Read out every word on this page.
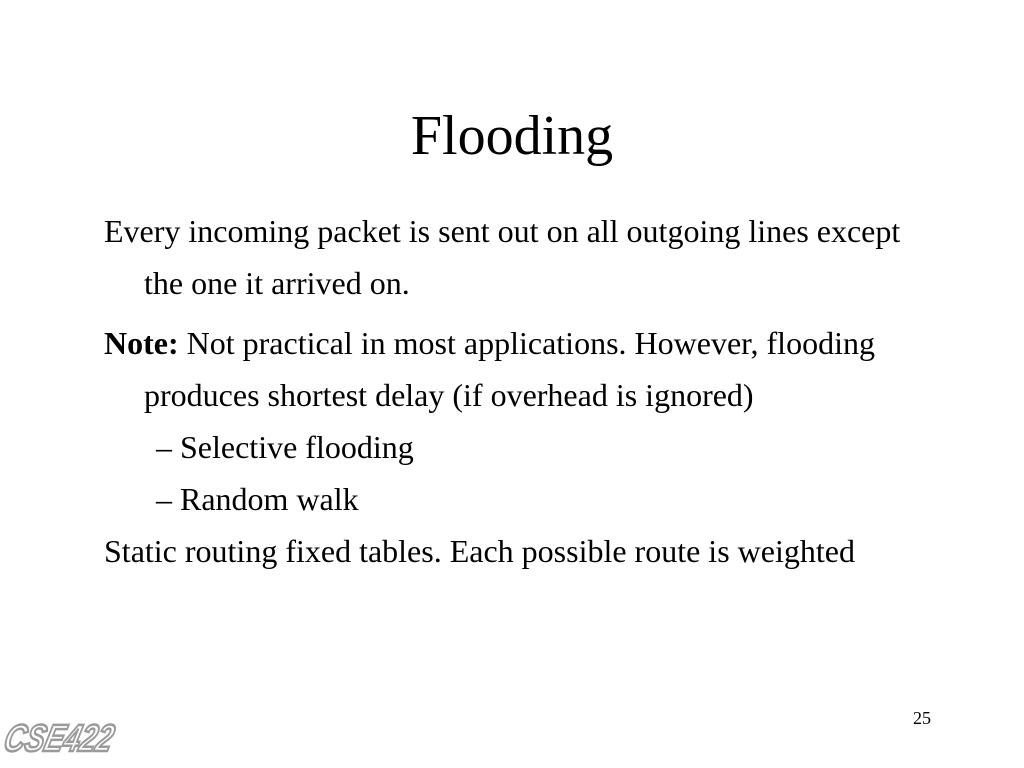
Flooding

Every incoming packet is sent out on all outgoing lines except the one it arrived on.

Note: Not practical in most applications. However, flooding produces shortest delay (if overhead is ignored)

– Selective flooding

– Random walk

Static routing fixed tables. Each possible route is weighted

CSE422	25
